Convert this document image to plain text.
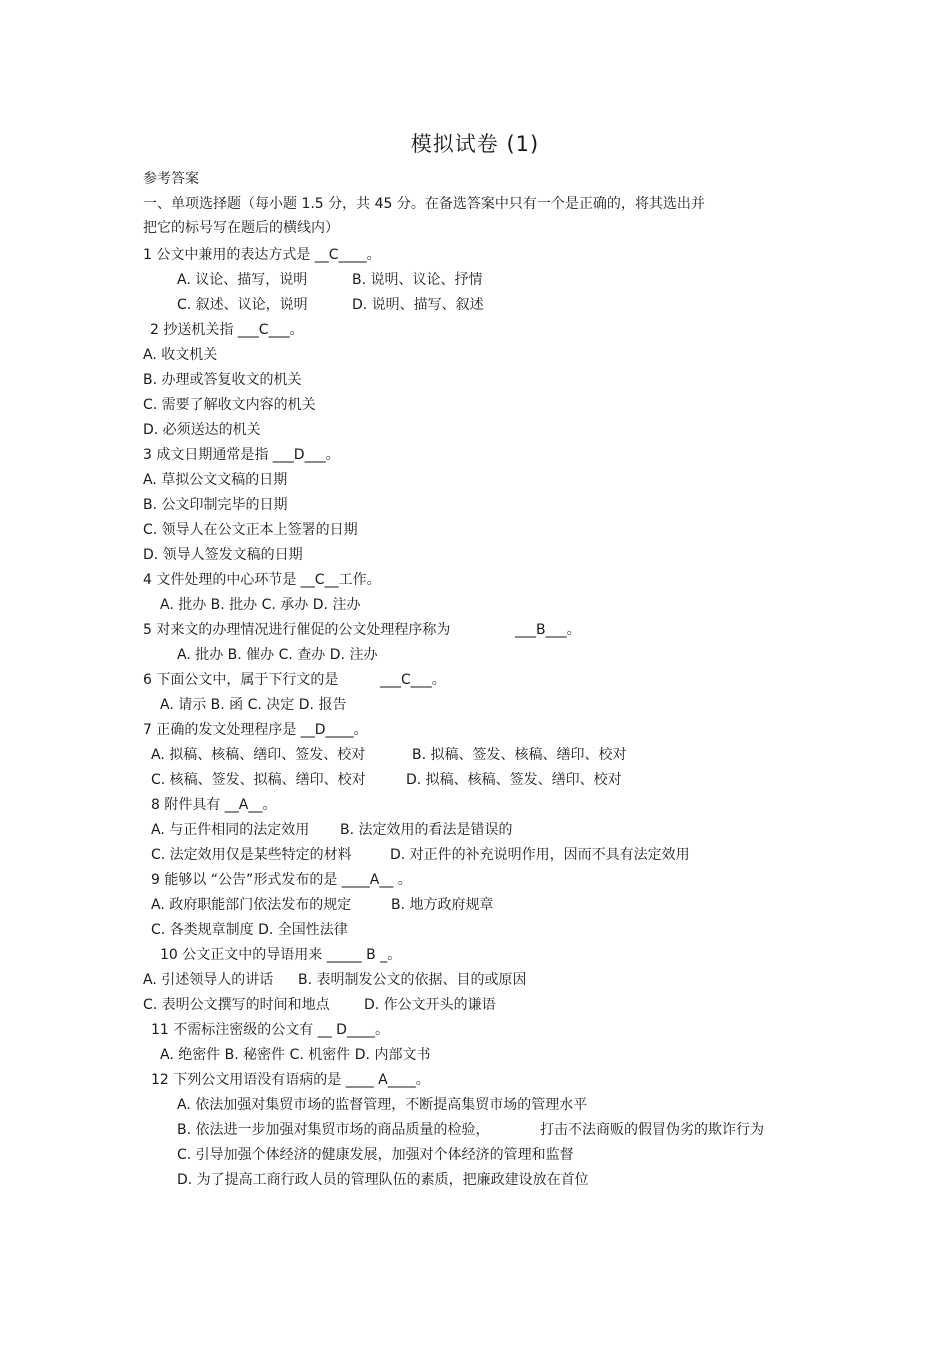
模拟试卷 (1)
参考答案
一、单项选择题（每小题 1.5 分，共 45 分。在备选答案中只有一个是正确的，将其选出并
把它的标号写在题后的横线内）
1 公文中兼用的表达方式是 __C____。
A. 议论、描写，说明	B. 说明、议论、抒情
C. 叙述、议论，说明	D. 说明、描写、叙述
2 抄送机关指 ___C___。
A. 收文机关
B. 办理或答复收文的机关
C. 需要了解收文内容的机关
D. 必须送达的机关
3 成文日期通常是指 ___D___。
A. 草拟公文文稿的日期
B. 公文印制完毕的日期
C. 领导人在公文正本上签署的日期
D. 领导人签发文稿的日期
4 文件处理的中心环节是 __C__工作。
A. 批办 B. 批办 C. 承办 D. 注办
5 对来文的办理情况进行催促的公文处理程序称为	___B___。
A. 批办 B. 催办 C. 查办 D. 注办
6 下面公文中，属于下行文的是	___C___。
A. 请示 B. 函 C. 决定 D. 报告
7 正确的发文处理程序是 __D____。
A. 拟稿、核稿、缮印、签发、校对	B. 拟稿、签发、核稿、缮印、校对
C. 核稿、签发、拟稿、缮印、校对	D. 拟稿、核稿、签发、缮印、校对
8 附件具有 __A__。
A. 与正件相同的法定效用 B. 法定效用的看法是错误的
C. 法定效用仅是某些特定的材料	D. 对正件的补充说明作用，因而不具有法定效用
9 能够以 “公告”形式发布的是 ____A__ 。
A. 政府职能部门依法发布的规定	B. 地方政府规章
C. 各类规章制度 D. 全国性法律
10 公文正文中的导语用来 _____ B _。
A. 引述领导人的讲话 B. 表明制发公文的依据、目的或原因
C. 表明公文撰写的时间和地点 D. 作公文开头的谦语
11 不需标注密级的公文有 __ D____。
A. 绝密件 B. 秘密件 C. 机密件 D. 内部文书
12 下列公文用语没有语病的是 ____ A____。
A. 依法加强对集贸市场的监督管理，不断提高集贸市场的管理水平
B. 依法进一步加强对集贸市场的商品质量的检验，	打击不法商贩的假冒伪劣的欺诈行为
C. 引导加强个体经济的健康发展，加强对个体经济的管理和监督
D. 为了提高工商行政人员的管理队伍的素质，把廉政建设放在首位
